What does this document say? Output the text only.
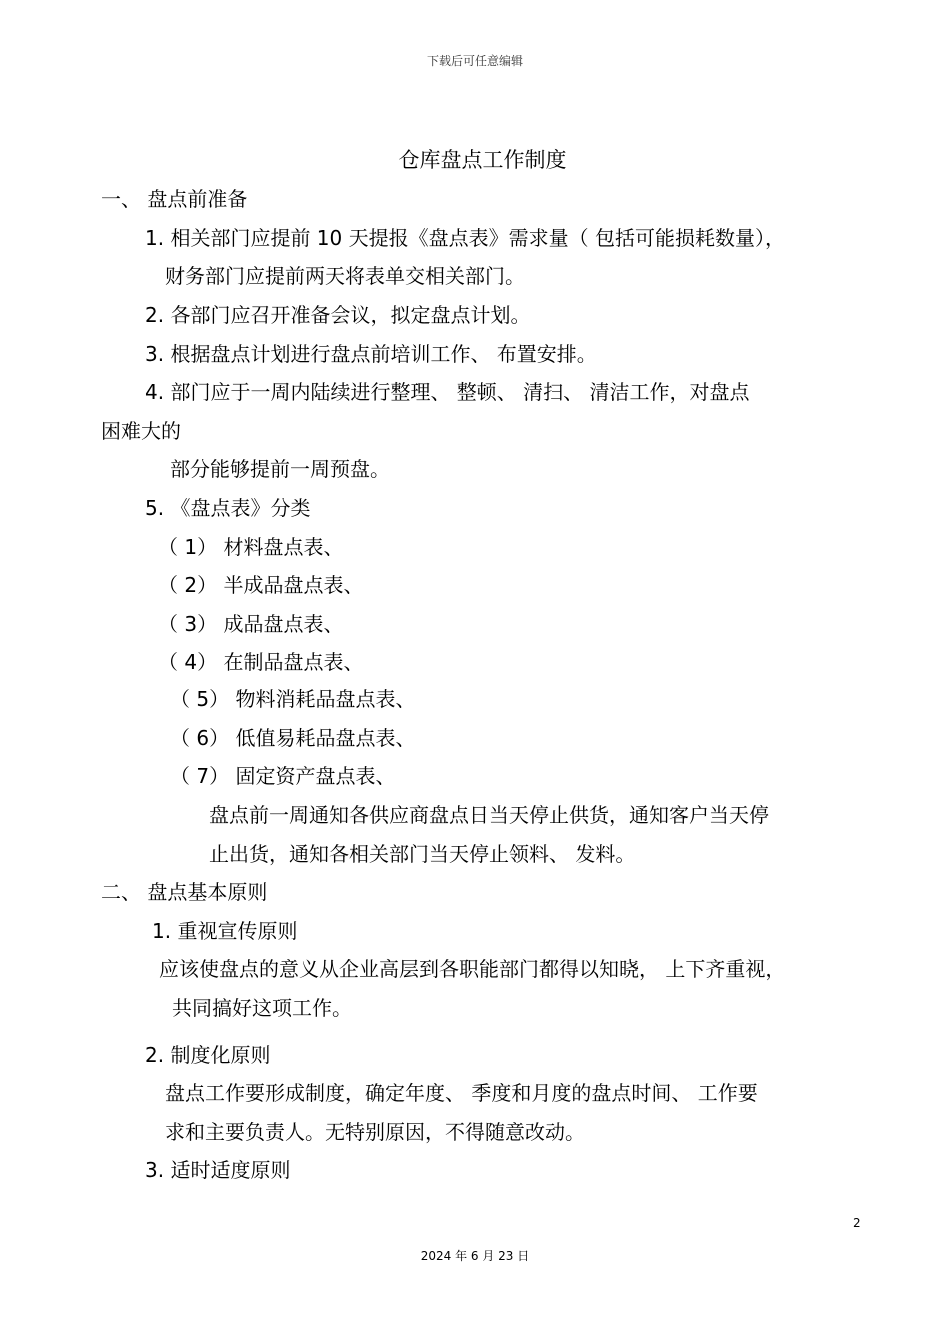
下载后可任意编辑
仓库盘点工作制度
一、 盘点前准备
1. 相关部门应提前 10 天提报《盘点表》需求量（ 包括可能损耗数量），
财务部门应提前两天将表单交相关部门。
2. 各部门应召开准备会议，拟定盘点计划。
3. 根据盘点计划进行盘点前培训工作、 布置安排。
4. 部门应于一周内陆续进行整理、 整顿、 清扫、 清洁工作，对盘点
困难大的
部分能够提前一周预盘。
5. 《盘点表》分类
（ 1） 材料盘点表、
（ 2） 半成品盘点表、
（ 3） 成品盘点表、
（ 4） 在制品盘点表、
（ 5） 物料消耗品盘点表、
（ 6） 低值易耗品盘点表、
（ 7） 固定资产盘点表、
盘点前一周通知各供应商盘点日当天停止供货，通知客户当天停
止出货，通知各相关部门当天停止领料、 发料。
二、 盘点基本原则
1. 重视宣传原则
应该使盘点的意义从企业高层到各职能部门都得以知晓， 上下齐重视，
共同搞好这项工作。
2. 制度化原则
盘点工作要形成制度，确定年度、 季度和月度的盘点时间、 工作要
求和主要负责人。无特别原因，不得随意改动。
3. 适时适度原则
2
2024 年 6 月 23 日
